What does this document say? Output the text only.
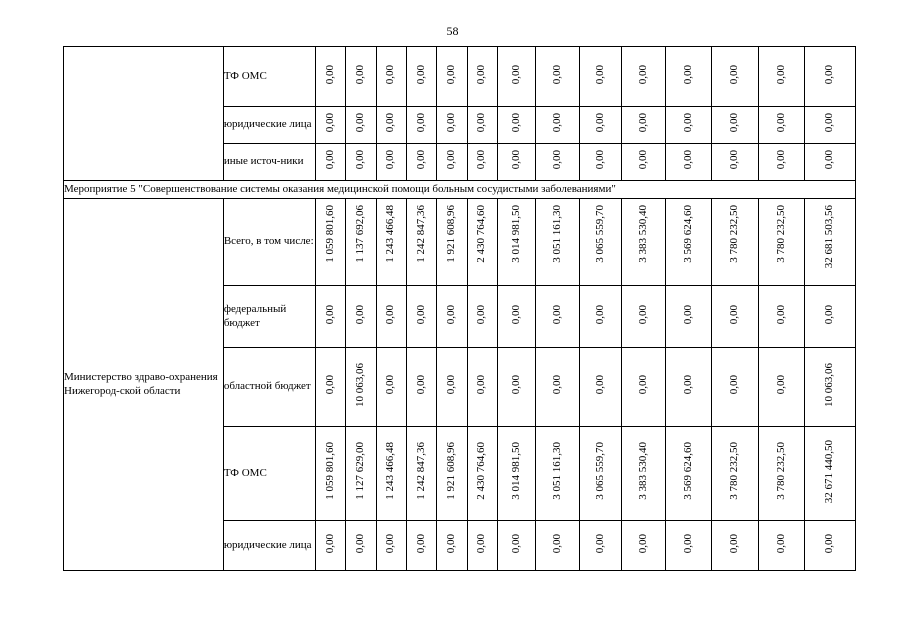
58
	ТФ ОМС	0,00	0,00	0,00	0,00	0,00	0,00	0,00	0,00	0,00	0,00	0,00	0,00	0,00	0,00
	юридические лица	0,00	0,00	0,00	0,00	0,00	0,00	0,00	0,00	0,00	0,00	0,00	0,00	0,00	0,00
	иные источ-ники	0,00	0,00	0,00	0,00	0,00	0,00	0,00	0,00	0,00	0,00	0,00	0,00	0,00	0,00
Мероприятие 5 "Совершенствование системы оказания медицинской помощи больным сосудистыми заболеваниями"															
Министерство здраво-охранения Нижегород-ской области	Всего, в том числе:	1 059 801,60	1 137 692,06	1 243 466,48	1 242 847,36	1 921 608,96	2 430 764,60	3 014 981,50	3 051 161,30	3 065 559,70	3 383 530,40	3 569 624,60	3 780 232,50	3 780 232,50	32 681 503,56
	федеральный бюджет	0,00	0,00	0,00	0,00	0,00	0,00	0,00	0,00	0,00	0,00	0,00	0,00	0,00	0,00
	областной бюджет	0,00	10 063,06	0,00	0,00	0,00	0,00	0,00	0,00	0,00	0,00	0,00	0,00	0,00	10 063,06
	ТФ ОМС	1 059 801,60	1 127 629,00	1 243 466,48	1 242 847,36	1 921 608,96	2 430 764,60	3 014 981,50	3 051 161,30	3 065 559,70	3 383 530,40	3 569 624,60	3 780 232,50	3 780 232,50	32 671 440,50
	юридические лица	0,00	0,00	0,00	0,00	0,00	0,00	0,00	0,00	0,00	0,00	0,00	0,00	0,00	0,00
